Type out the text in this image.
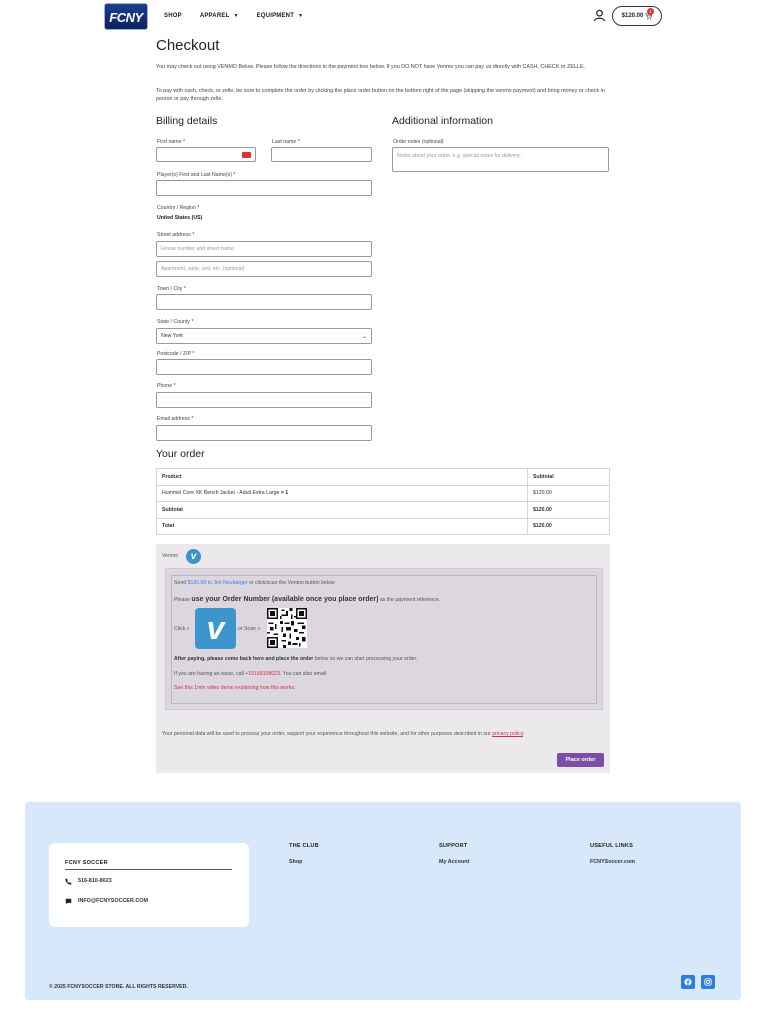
FCNY	SHOP	APPAREL ▼	EQUIPMENT ▼	$120.00
1
Checkout

You may check out using VENMO Below. Please follow the directions in the payment box below. If you DO NOT have Venmo you can pay us directly with CASH, CHECK or ZELLE.

To pay with cash, check, or zelle, be sure to complete the order by clicking the place order button on the bottom right of the page (skipping the venmo payment) and bring money or check in person or pay through zelle.

Billing details
First name *	Last name *
Player(s) First and Last Name(s) *
Country / Region *
United States (US)
Street address *
House number and street name
Apartment, suite, unit, etc. (optional)
Town / City *
State / County *
New York	⌄
Postcode / ZIP *
Phone *
Email address *
Additional information
Order notes (optional)
Notes about your order, e.g. special notes for delivery.
Your order
Product	Subtotal
Hummel Core XK Bench Jacket - Adult Extra Large × 1	$120.00
Subtotal	$120.00
Total	$120.00
Venmo	v
Send $120.00 to Jim Neubarger or click/scan the Venmo button below
Please use your Order Number (available once you place order) as the payment reference.
Click » v	or Scan »
After paying, please come back here and place the order below so we can start processing your order.
If you are having an issue, call +15168108023. You can also email
See this 1min video demo explaining how this works.
Your personal data will be used to process your order, support your experience throughout this website, and for other purposes described in our privacy policy.
Place order
FCNY SOCCER
516-810-8023
INFO@FCNYSOCCER.COM
THE CLUB
Shop
SUPPORT
My Account
USEFUL LINKS
FCNYSoccer.com
© 2025 FCNYSOCCER STORE. ALL RIGHTS RESERVED.
